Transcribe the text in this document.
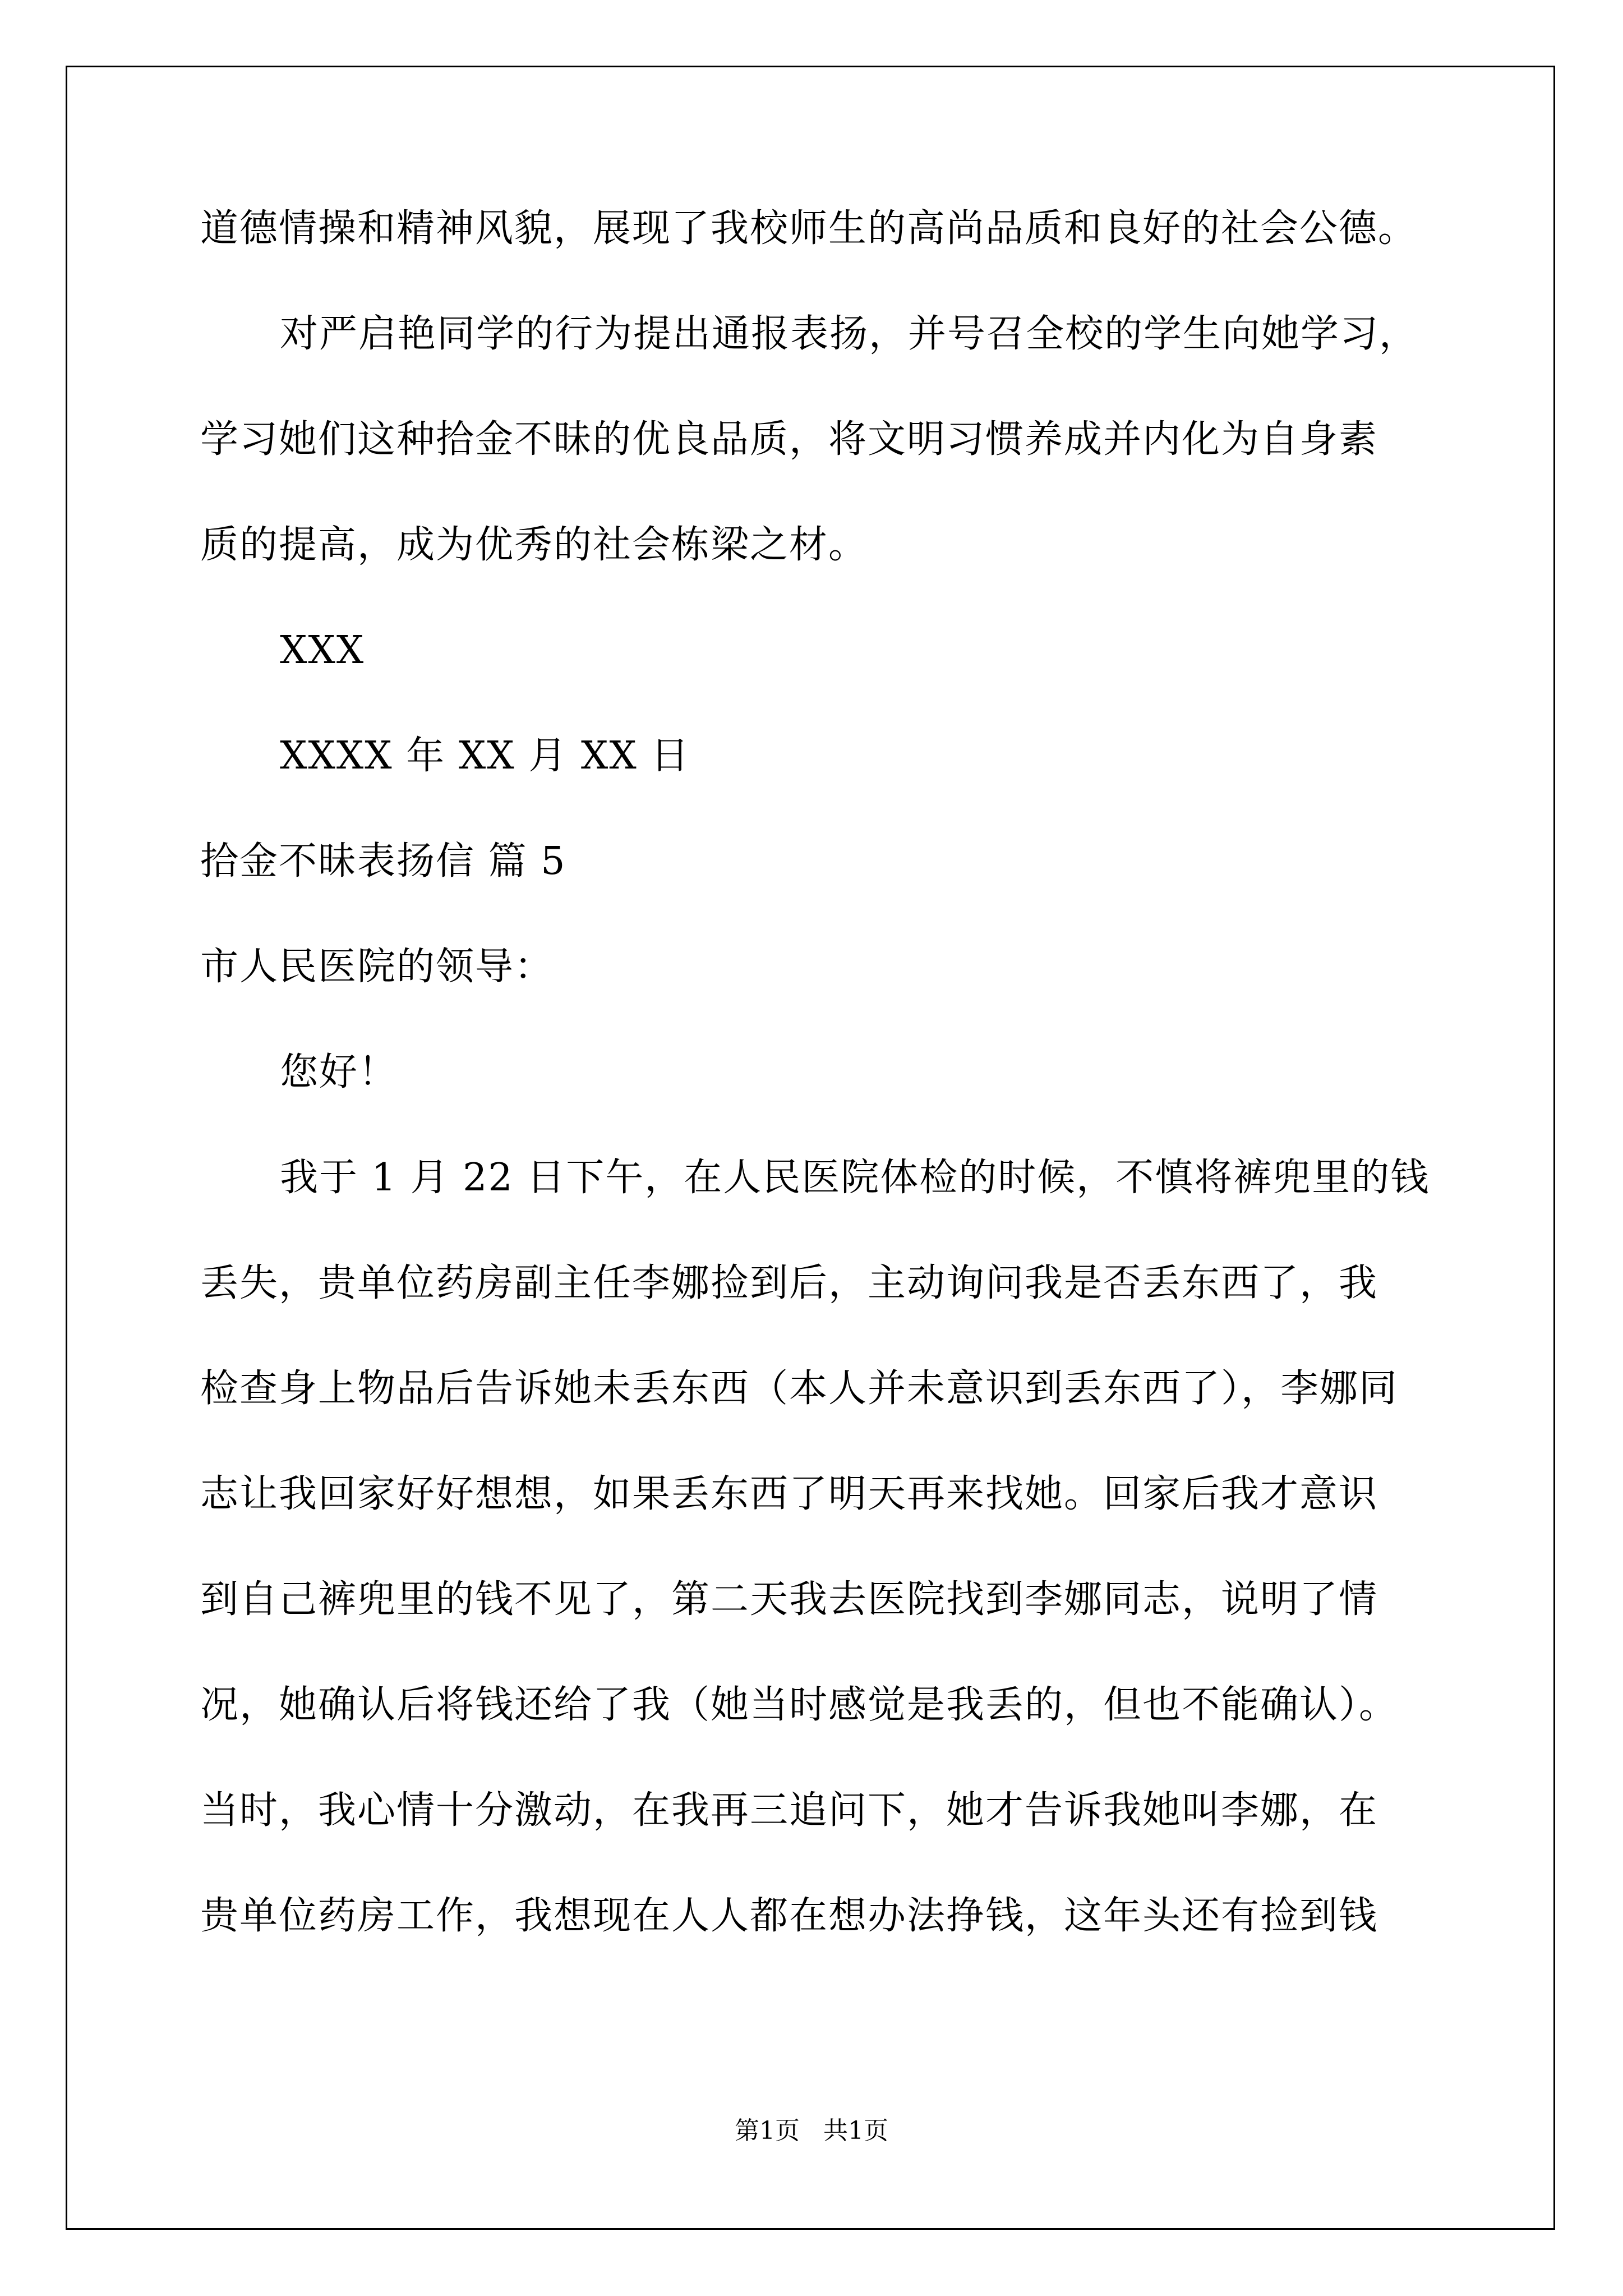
道德情操和精神风貌，展现了我校师生的高尚品质和良好的社会公德。

对严启艳同学的行为提出通报表扬，并号召全校的学生向她学习，

学习她们这种拾金不昧的优良品质，将文明习惯养成并内化为自身素

质的提高，成为优秀的社会栋梁之材。

XXX

XXXX 年 XX 月 XX 日

拾金不昧表扬信 篇 5

市人民医院的领导：

您好！

我于 1 月 22 日下午，在人民医院体检的时候，不慎将裤兜里的钱

丢失，贵单位药房副主任李娜捡到后，主动询问我是否丢东西了，我

检查身上物品后告诉她未丢东西（本人并未意识到丢东西了），李娜同

志让我回家好好想想，如果丢东西了明天再来找她。回家后我才意识

到自己裤兜里的钱不见了，第二天我去医院找到李娜同志，说明了情

况，她确认后将钱还给了我（她当时感觉是我丢的，但也不能确认）。

当时，我心情十分激动，在我再三追问下，她才告诉我她叫李娜，在

贵单位药房工作，我想现在人人都在想办法挣钱，这年头还有捡到钱

第1页   共1页
